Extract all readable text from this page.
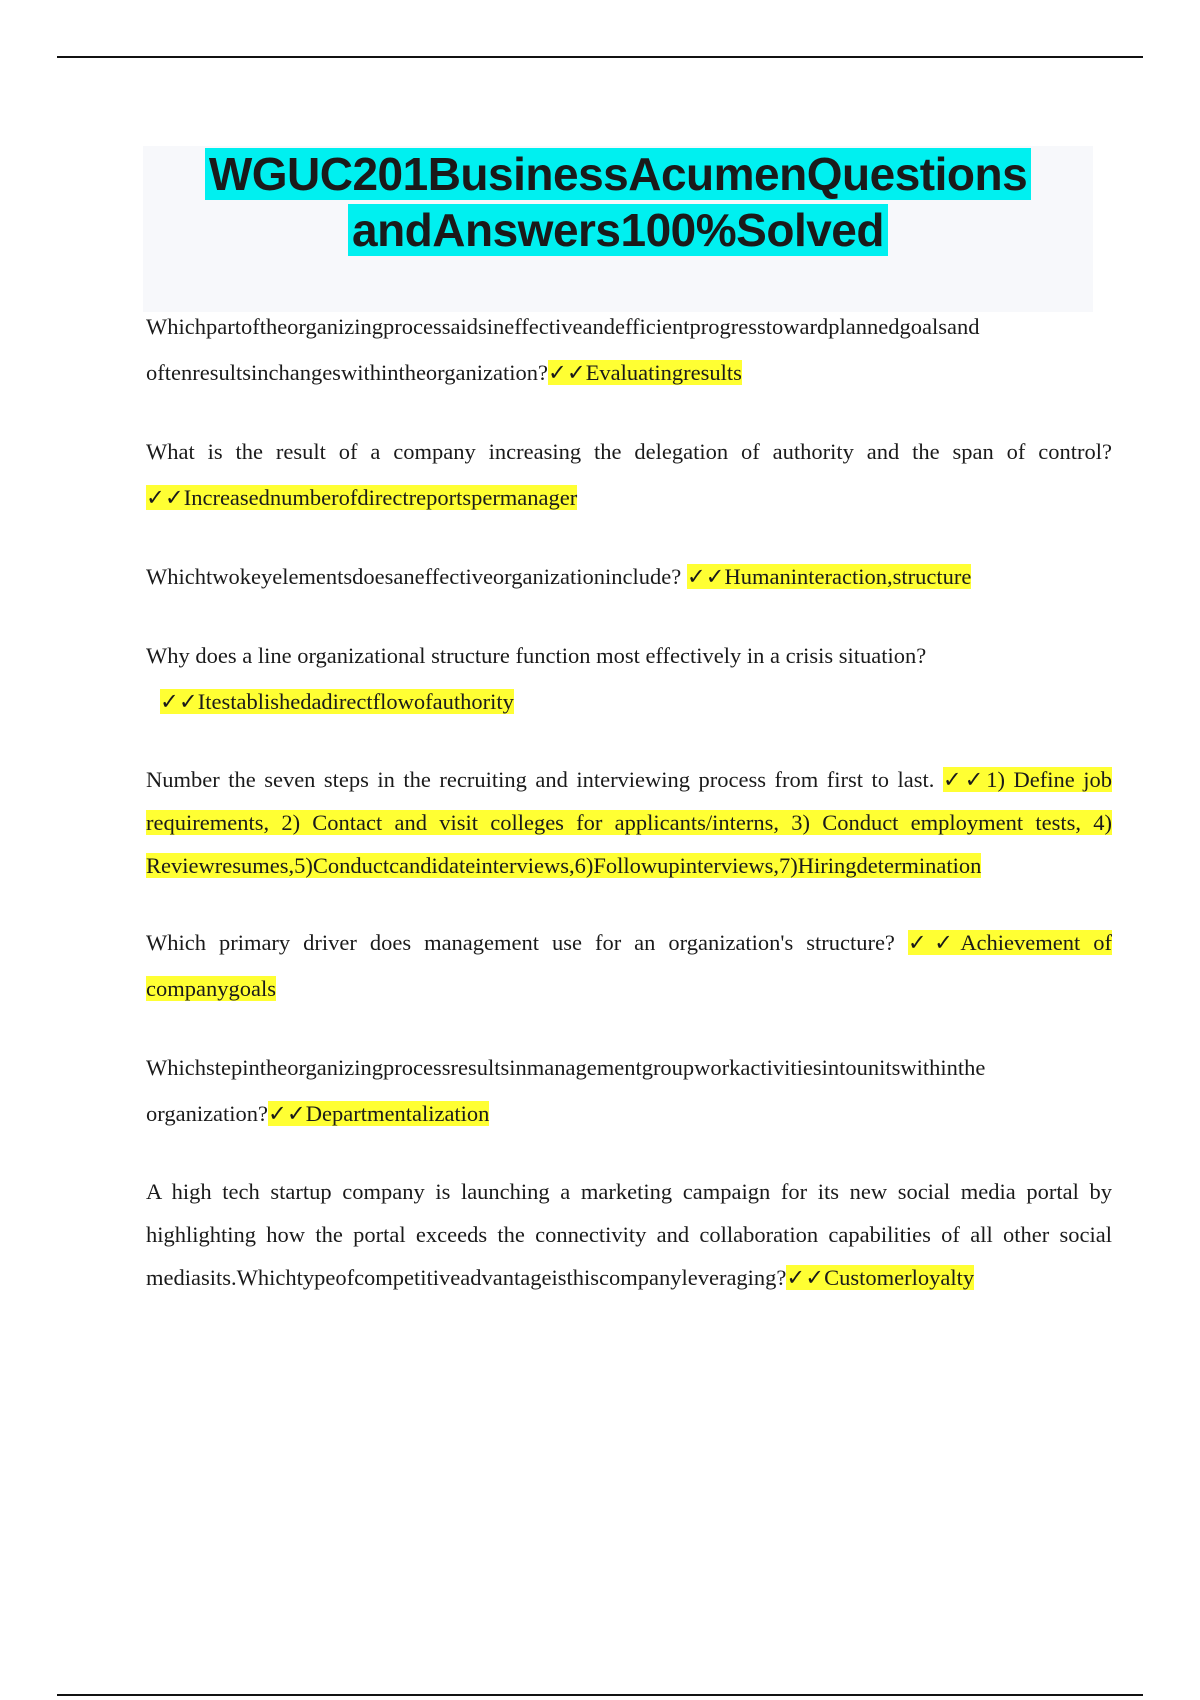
WGUC201BusinessAcumenQuestions
andAnswers100%Solved

Whichpartoftheorganizingprocessaidsineffectiveandefficientprogresstowardplannedgoalsand oftenresultsinchangeswithintheorganization?✓✓Evaluatingresults

What is the result of a company increasing the delegation of authority and the span of control? ✓✓Increasednumberofdirectreportspermanager

Whichtwokeyelementsdoesaneffectiveorganizationinclude? ✓✓Humaninteraction,structure

Why does a line organizational structure function most effectively in a crisis situation?
✓✓Itestablishedadirectflowofauthority

Number the seven steps in the recruiting and interviewing process from first to last. ✓✓1) Define job requirements, 2) Contact and visit colleges for applicants/interns, 3) Conduct employment tests, 4) Reviewresumes,5)Conductcandidateinterviews,6)Followupinterviews,7)Hiringdetermination

Which primary driver does management use for an organization's structure? ✓✓Achievement of companygoals

Whichstepintheorganizingprocessresultsinmanagementgroupworkactivitiesintounitswithinthe organization?✓✓Departmentalization

A high tech startup company is launching a marketing campaign for its new social media portal by highlighting how the portal exceeds the connectivity and collaboration capabilities of all other social mediasits.Whichtypeofcompetitiveadvantageisthiscompanyleveraging?✓✓Customerloyalty
